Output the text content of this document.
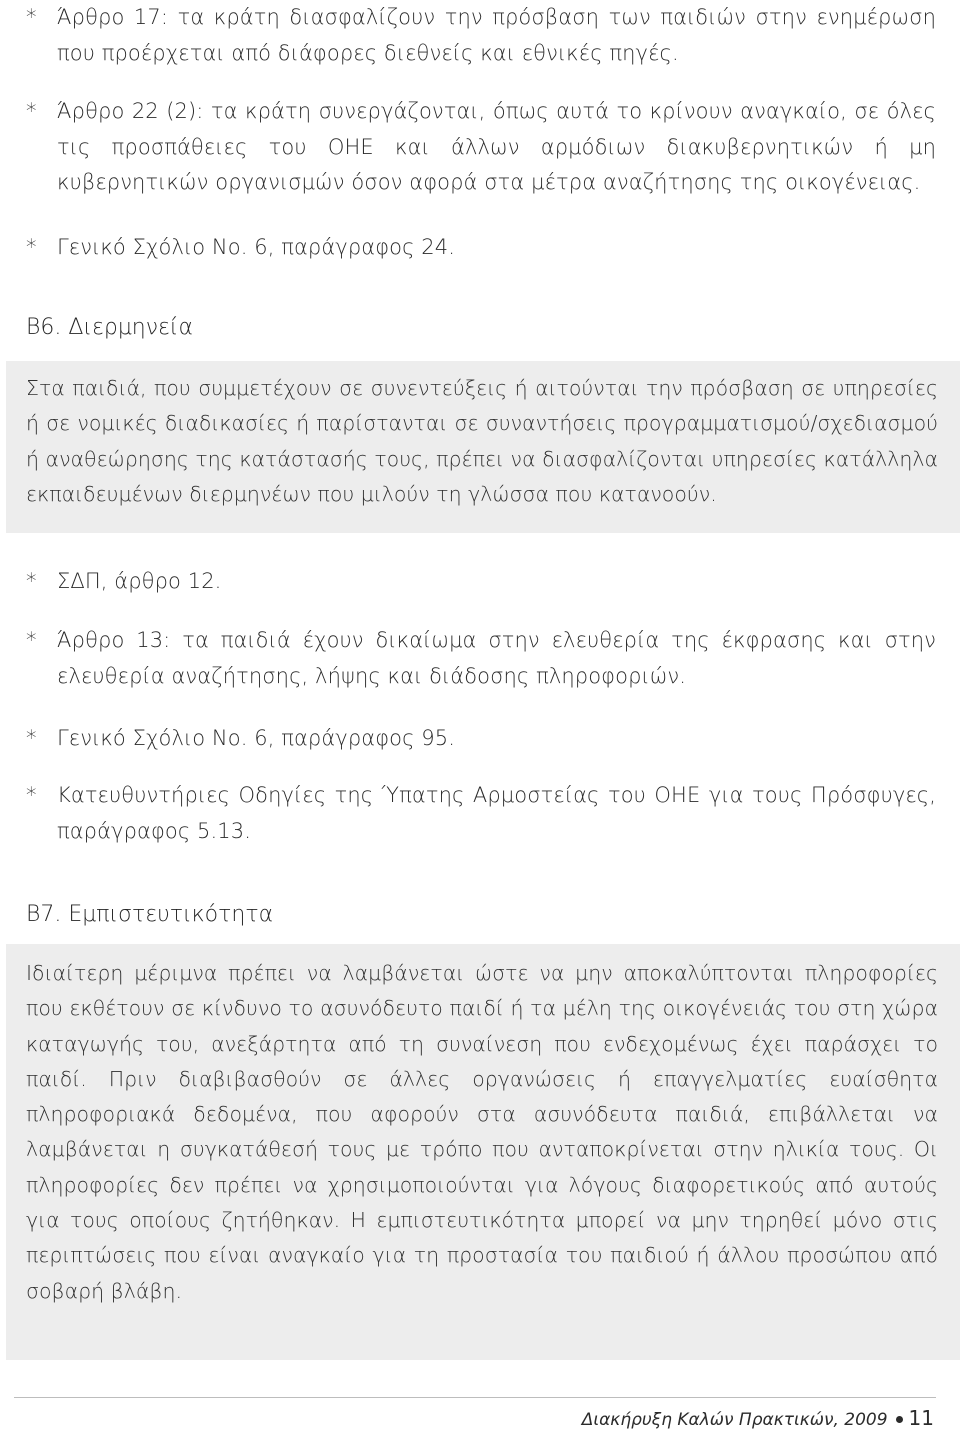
* Άρθρο 17: τα κράτη διασφαλίζουν την πρόσβαση των παιδιών στην ενημέρωση που προέρχεται από διάφορες διεθνείς και εθνικές πηγές.
* Άρθρο 22 (2): τα κράτη συνεργάζονται, όπως αυτά το κρίνουν αναγκαίο, σε όλες τις προσπάθειες του ΟΗΕ και άλλων αρμόδιων διακυβερνητικών ή μη κυβερνητικών οργανισμών όσον αφορά στα μέτρα αναζήτησης της οικογένειας.
* Γενικό Σχόλιο Νο. 6, παράγραφος 24.
Β6. Διερμηνεία

Στα παιδιά, που συμμετέχουν σε συνεντεύξεις ή αιτούνται την πρόσβαση σε υπηρεσίες ή σε νομικές διαδικασίες ή παρίστανται σε συναντήσεις προγραμματισμού/σχεδιασμού ή αναθεώρησης της κατάστασής τους, πρέπει να διασφαλίζονται υπηρεσίες κατάλληλα εκπαιδευμένων διερμηνέων που μιλούν τη γλώσσα που κατανοούν.

* ΣΔΠ, άρθρο 12.
* Άρθρο 13: τα παιδιά έχουν δικαίωμα στην ελευθερία της έκφρασης και στην ελευθερία αναζήτησης, λήψης και διάδοσης πληροφοριών.
* Γενικό Σχόλιο Νο. 6, παράγραφος 95.
* Κατευθυντήριες Οδηγίες της Ύπατης Αρμοστείας του ΟΗΕ για τους Πρόσφυγες, παράγραφος 5.13.
Β7. Εμπιστευτικότητα

Ιδιαίτερη μέριμνα πρέπει να λαμβάνεται ώστε να μην αποκαλύπτονται πληροφορίες που εκθέτουν σε κίνδυνο το ασυνόδευτο παιδί ή τα μέλη της οικογένειάς του στη χώρα καταγωγής του, ανεξάρτητα από τη συναίνεση που ενδεχομένως έχει παράσχει το παιδί. Πριν διαβιβασθούν σε άλλες οργανώσεις ή επαγγελματίες ευαίσθητα πληροφοριακά δεδομένα, που αφορούν στα ασυνόδευτα παιδιά, επιβάλλεται να λαμβάνεται η συγκατάθεσή τους με τρόπο που ανταποκρίνεται στην ηλικία τους. Οι πληροφορίες δεν πρέπει να χρησιμοποιούνται για λόγους διαφορετικούς από αυτούς για τους οποίους ζητήθηκαν. Η εμπιστευτικότητα μπορεί να μην τηρηθεί μόνο στις περιπτώσεις που είναι αναγκαίο για τη προστασία του παιδιού ή άλλου προσώπου από σοβαρή βλάβη.

Διακήρυξη Καλών Πρακτικών, 2009 11
